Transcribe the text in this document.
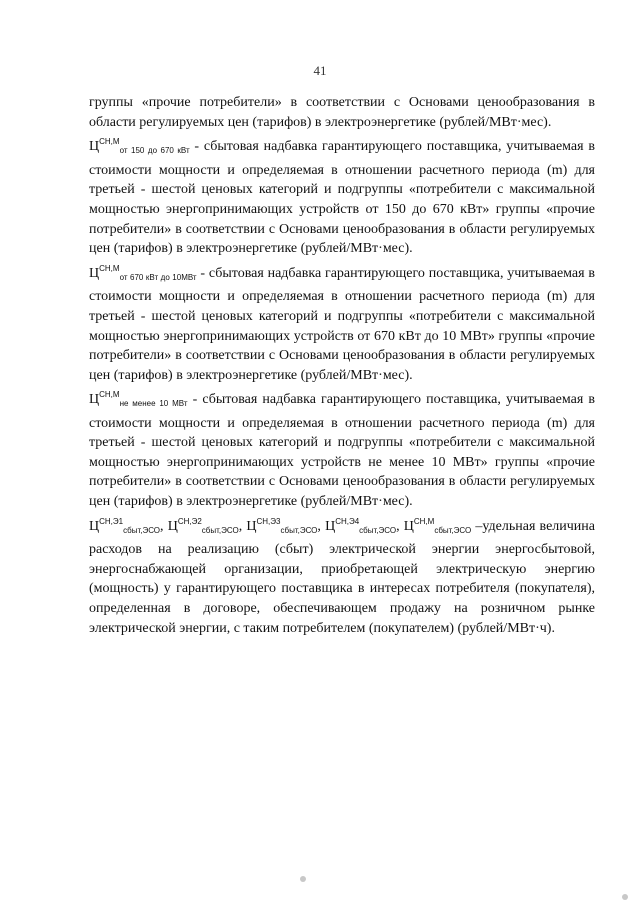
41

группы «прочие потребители» в соответствии с Основами ценообразования в области регулируемых цен (тарифов) в электроэнергетике (рублей/МВт·мес).

$Ц^{СН,М}_{от 150 до 670 кВт}$ - сбытовая надбавка гарантирующего поставщика, учитываемая в стоимости мощности и определяемая в отношении расчетного периода (m) для третьей - шестой ценовых категорий и подгруппы «потребители с максимальной мощностью энергопринимающих устройств от 150 до 670 кВт» группы «прочие потребители» в соответствии с Основами ценообразования в области регулируемых цен (тарифов) в электроэнергетике (рублей/МВт·мес).

$Ц^{СН,М}_{от 670 кВт до 10МВт}$ - сбытовая надбавка гарантирующего поставщика, учитываемая в стоимости мощности и определяемая в отношении расчетного периода (m) для третьей - шестой ценовых категорий и подгруппы «потребители с максимальной мощностью энергопринимающих устройств от 670 кВт до 10 МВт» группы «прочие потребители» в соответствии с Основами ценообразования в области регулируемых цен (тарифов) в электроэнергетике (рублей/МВт·мес).

$Ц^{СН,М}_{не менее 10 МВт}$ - сбытовая надбавка гарантирующего поставщика, учитываемая в стоимости мощности и определяемая в отношении расчетного периода (m) для третьей - шестой ценовых категорий и подгруппы «потребители с максимальной мощностью энергопринимающих устройств не менее 10 МВт» группы «прочие потребители» в соответствии с Основами ценообразования в области регулируемых цен (тарифов) в электроэнергетике (рублей/МВт·мес).

$Ц^{СН,Э1}_{сбыт,ЭСО}$, $Ц^{СН,Э2}_{сбыт,ЭСО}$, $Ц^{СН,Э3}_{сбыт,ЭСО}$, $Ц^{СН,Э4}_{сбыт,ЭСО}$, $Ц^{СН,М}_{сбыт,ЭСО}$ –удельная величина расходов на реализацию (сбыт) электрической энергии энергосбытовой, энергоснабжающей организации, приобретающей электрическую энергию (мощность) у гарантирующего поставщика в интересах потребителя (покупателя), определенная в договоре, обеспечивающем продажу на розничном рынке электрической энергии, с таким потребителем (покупателем) (рублей/МВт·ч).
